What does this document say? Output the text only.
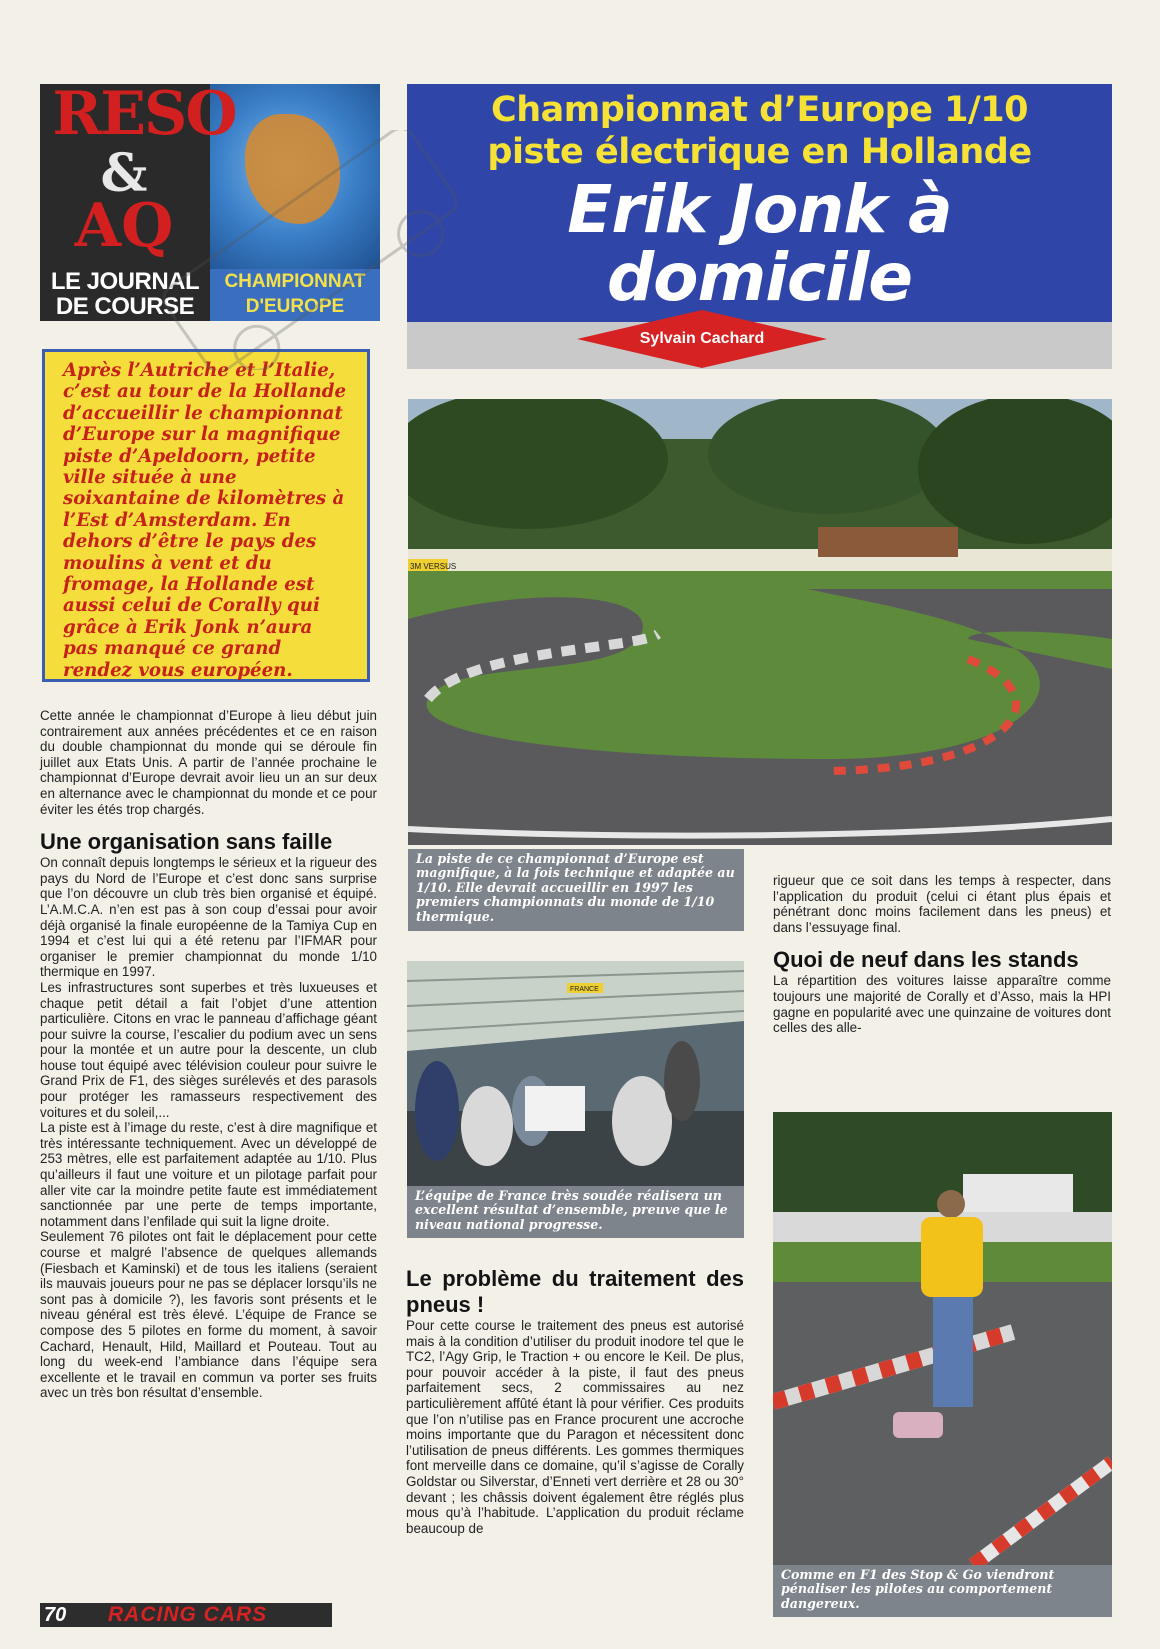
RESO
&
AQ
LE JOURNAL
DE COURSE
CHAMPIONNAT
D'EUROPE
Championnat d’Europe 1/10
piste électrique en Hollande
Erik Jonk à
domicile
Sylvain Cachard

Après l’Autriche et l’Italie, c’est au tour de la Hollande d’accueillir le championnat d’Europe sur la magnifique piste d’Apeldoorn, petite ville située à une soixantaine de kilomètres à l’Est d’Amsterdam. En dehors d’être le pays des moulins à vent et du fromage, la Hollande est aussi celui de Corally qui grâce à Erik Jonk n’aura pas manqué ce grand rendez vous européen.

3M VERSUS
La piste de ce championnat d’Europe est magnifique, à la fois technique et adaptée au 1/10. Elle devrait accueillir en 1997 les premiers championnats du monde de 1/10 thermique.
FRANCE
L’équipe de France très soudée réalisera un excellent résultat d’ensemble, preuve que le niveau national progresse.
Comme en F1 des Stop & Go viendront pénaliser les pilotes au comportement dangereux.

Cette année le championnat d’Europe à lieu début juin contrairement aux années précédentes et ce en raison du double championnat du monde qui se déroule fin juillet aux Etats Unis. A partir de l’année prochaine le championnat d’Europe devrait avoir lieu un an sur deux en alternance avec le championnat du monde et ce pour éviter les étés trop chargés.

Une organisation sans faille

On connaît depuis longtemps le sérieux et la rigueur des pays du Nord de l’Europe et c’est donc sans surprise que l’on découvre un club très bien organisé et équipé. L’A.M.C.A. n’en est pas à son coup d’essai pour avoir déjà organisé la finale européenne de la Tamiya Cup en 1994 et c’est lui qui a été retenu par l’IFMAR pour organiser le premier championnat du monde 1/10 thermique en 1997.

Les infrastructures sont superbes et très luxueuses et chaque petit détail a fait l’objet d’une attention particulière. Citons en vrac le panneau d’affichage géant pour suivre la course, l’escalier du podium avec un sens pour la montée et un autre pour la descente, un club house tout équipé avec télévision couleur pour suivre le Grand Prix de F1, des sièges surélevés et des parasols pour protéger les ramasseurs respectivement des voitures et du soleil,...

La piste est à l’image du reste, c’est à dire magnifique et très intéressante techniquement. Avec un développé de 253 mètres, elle est parfaitement adaptée au 1/10. Plus qu’ailleurs il faut une voiture et un pilotage parfait pour aller vite car la moindre petite faute est immédiatement sanctionnée par une perte de temps importante, notamment dans l’enfilade qui suit la ligne droite.

Seulement 76 pilotes ont fait le déplacement pour cette course et malgré l’absence de quelques allemands (Fiesbach et Kaminski) et de tous les italiens (seraient ils mauvais joueurs pour ne pas se déplacer lorsqu’ils ne sont pas à domicile ?), les favoris sont présents et le niveau général est très élevé. L’équipe de France se compose des 5 pilotes en forme du moment, à savoir Cachard, Henault, Hild, Maillard et Pouteau. Tout au long du week-end l’ambiance dans l’équipe sera excellente et le travail en commun va porter ses fruits avec un très bon résultat d’ensemble.

Le problème du traitement des pneus !

Pour cette course le traitement des pneus est autorisé mais à la condition d’utiliser du produit inodore tel que le TC2, l’Agy Grip, le Traction + ou encore le Keil. De plus, pour pouvoir accéder à la piste, il faut des pneus parfaitement secs, 2 commissaires au nez particulièrement affûté étant là pour vérifier. Ces produits que l’on n’utilise pas en France procurent une accroche moins importante que du Paragon et nécessitent donc l’utilisation de pneus différents. Les gommes thermiques font merveille dans ce domaine, qu’il s’agisse de Corally Goldstar ou Silverstar, d’Enneti vert derrière et 28 ou 30° devant ; les châssis doivent également être réglés plus mous qu’à l’habitude. L’application du produit réclame beaucoup de

rigueur que ce soit dans les temps à respecter, dans l’application du produit (celui ci étant plus épais et pénétrant donc moins facilement dans les pneus) et dans l’essuyage final.

Quoi de neuf dans les stands

La répartition des voitures laisse apparaître comme toujours une majorité de Corally et d’Asso, mais la HPI gagne en popularité avec une quinzaine de voitures dont celles des alle-

70 RACING CARS
